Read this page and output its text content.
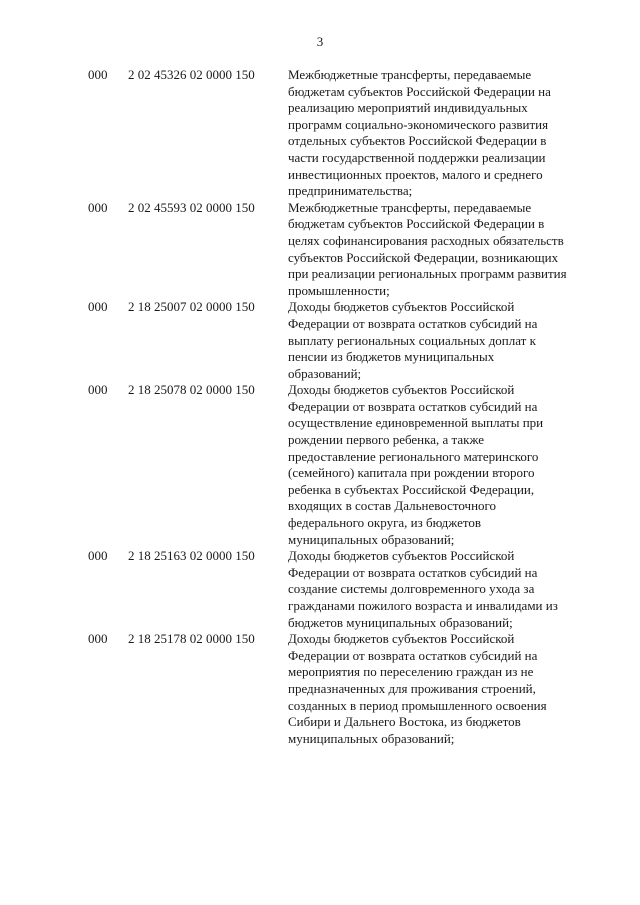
3
000 2 02 45326 02 0000 150	Межбюджетные трансферты, передаваемые
бюджетам субъектов Российской Федерации на
реализацию мероприятий индивидуальных
программ социально-экономического развития
отдельных субъектов Российской Федерации в
части государственной поддержки реализации
инвестиционных проектов, малого и среднего
предпринимательства;
000 2 02 45593 02 0000 150	Межбюджетные трансферты, передаваемые
бюджетам субъектов Российской Федерации в
целях софинансирования расходных обязательств
субъектов Российской Федерации, возникающих
при реализации региональных программ развития
промышленности;
000 2 18 25007 02 0000 150	Доходы бюджетов субъектов Российской
Федерации от возврата остатков субсидий на
выплату региональных социальных доплат к
пенсии из бюджетов муниципальных
образований;
000 2 18 25078 02 0000 150	Доходы бюджетов субъектов Российской
Федерации от возврата остатков субсидий на
осуществление единовременной выплаты при
рождении первого ребенка, а также
предоставление регионального материнского
(семейного) капитала при рождении второго
ребенка в субъектах Российской Федерации,
входящих в состав Дальневосточного
федерального округа, из бюджетов
муниципальных образований;
000 2 18 25163 02 0000 150	Доходы бюджетов субъектов Российской
Федерации от возврата остатков субсидий на
создание системы долговременного ухода за
гражданами пожилого возраста и инвалидами из
бюджетов муниципальных образований;
000 2 18 25178 02 0000 150	Доходы бюджетов субъектов Российской
Федерации от возврата остатков субсидий на
мероприятия по переселению граждан из не
предназначенных для проживания строений,
созданных в период промышленного освоения
Сибири и Дальнего Востока, из бюджетов
муниципальных образований;
